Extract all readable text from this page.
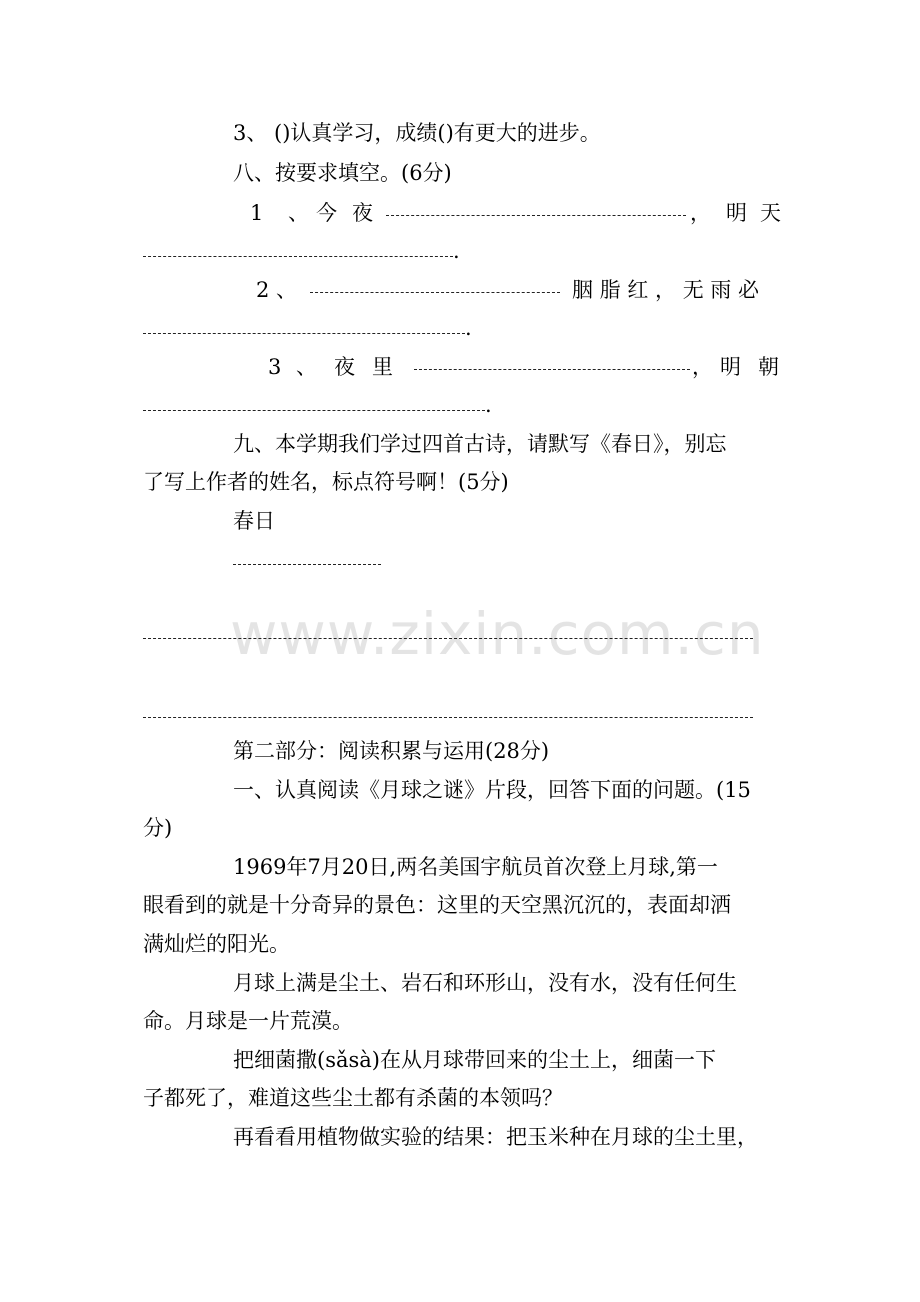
www.zixin.com.cn
3、 ()认真学习，成绩()有更大的进步。
八、按要求填空。(6分)
1 、 今 夜	， 明 天
.
2 、	胭 脂 红 ， 无 雨 必
.
3 、 夜 里	， 明 朝
.
九、本学期我们学过四首古诗，请默写《春日》，别忘
了写上作者的姓名，标点符号啊！(5分)
春日
第二部分：阅读积累与运用(28分)
一、认真阅读《月球之谜》片段，回答下面的问题。(15
分)
1969年7月20日,两名美国宇航员首次登上月球,第一
眼看到的就是十分奇异的景色：这里的天空黑沉沉的，表面却洒
满灿烂的阳光。
月球上满是尘土、岩石和环形山，没有水，没有任何生
命。月球是一片荒漠。
把细菌撒(sǎsà)在从月球带回来的尘土上，细菌一下
子都死了，难道这些尘土都有杀菌的本领吗？
再看看用植物做实验的结果：把玉米种在月球的尘土里，
